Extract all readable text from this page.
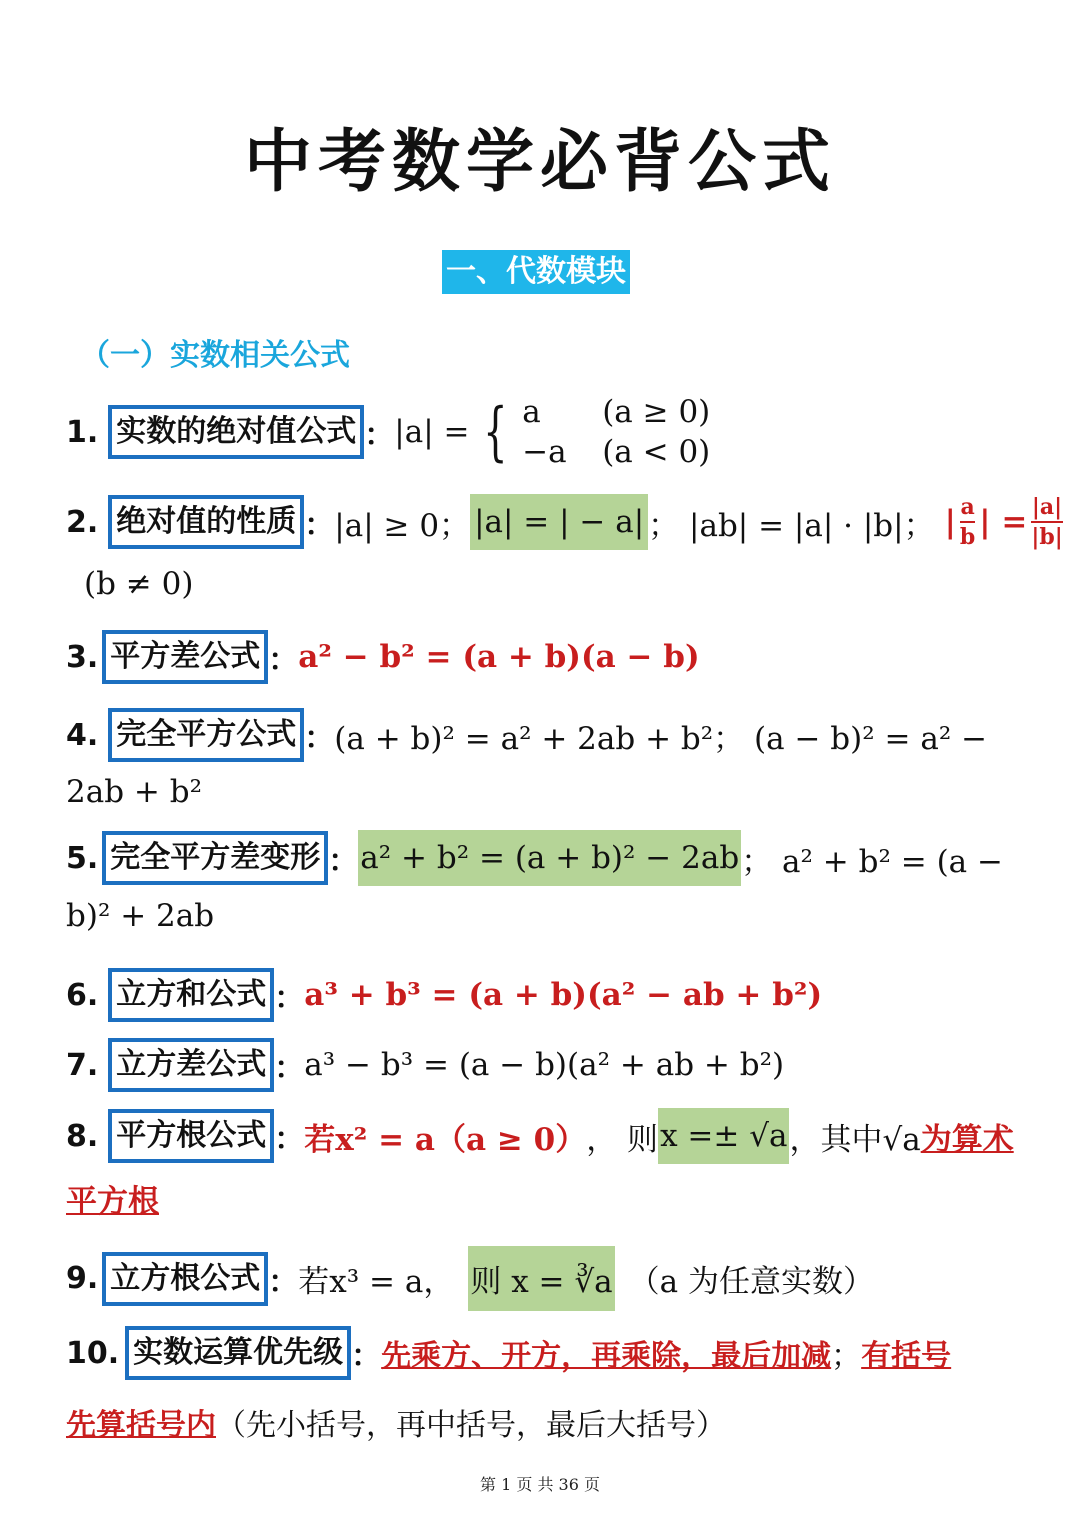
中考数学必背公式
一、代数模块
（一）实数相关公式
1. 实数的绝对值公式 ： |a| = { a	(a ≥ 0)
−a (a < 0)
2. 绝对值的性质 ： |a| ≥ 0； |a| = | − a| ； |ab| = |a| · |b|； | $\frac{a}{b}$ | = $\frac{|a|}{|b|}$
(b ≠ 0)
3. 平方差公式 ： a² − b² = (a + b)(a − b)
4. 完全平方公式 ： (a + b)² = a² + 2ab + b²； (a − b)² = a² −
2ab + b²
5. 完全平方差变形 ： a² + b² = (a + b)² − 2ab ； a² + b² = (a −
b)² + 2ab
6. 立方和公式 ： a³ + b³ = (a + b)(a² − ab + b²)
7. 立方差公式 ： a³ − b³ = (a − b)(a² + ab + b²)
8. 平方根公式 ： 若x² = a（a ≥ 0） ， 则 x =± √a ，其中√a 为算术
平方根
9. 立方根公式 ： 若x³ = a， 则 x = ∛a （a 为任意实数）
10. 实数运算优先级 ： 先乘方、开方，再乘除，最后加减 ； 有括号
先算括号内 （先小括号，再中括号，最后大括号）
第 1 页 共 36 页
